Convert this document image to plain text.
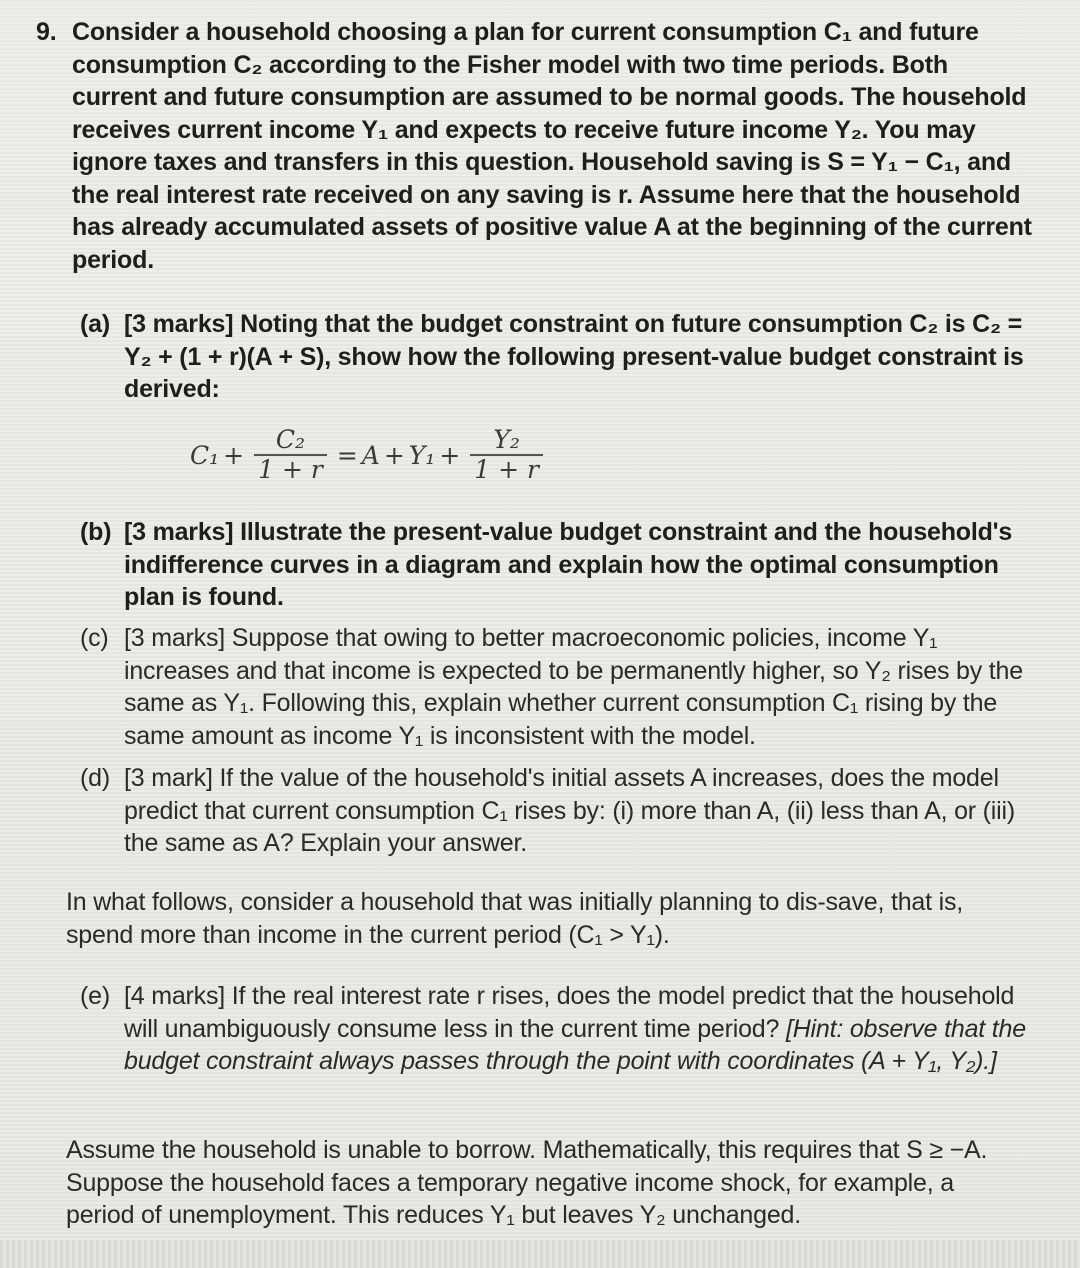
9. Consider a household choosing a plan for current consumption C₁ and future consumption C₂ according to the Fisher model with two time periods. Both current and future consumption are assumed to be normal goods. The household receives current income Y₁ and expects to receive future income Y₂. You may ignore taxes and transfers in this question. Household saving is S = Y₁ − C₁, and the real interest rate received on any saving is r. Assume here that the household has already accumulated assets of positive value A at the beginning of the current period.
(a) [3 marks] Noting that the budget constraint on future consumption C₂ is C₂ = Y₂ + (1 + r)(A + S), show how the following present-value budget constraint is derived:
$C_1 + \frac{\text{C₂}}{1 + r} = A + Y_1 + \frac{\text{Y₂}}{1 + r}$
(b) [3 marks] Illustrate the present-value budget constraint and the household's indifference curves in a diagram and explain how the optimal consumption plan is found.
(c) [3 marks] Suppose that owing to better macroeconomic policies, income Y₁ increases and that income is expected to be permanently higher, so Y₂ rises by the same as Y₁. Following this, explain whether current consumption C₁ rising by the same amount as income Y₁ is inconsistent with the model.
(d) [3 mark] If the value of the household's initial assets A increases, does the model predict that current consumption C₁ rises by: (i) more than A, (ii) less than A, or (iii) the same as A? Explain your answer.
In what follows, consider a household that was initially planning to dis-save, that is, spend more than income in the current period (C₁ > Y₁).
(e) [4 marks] If the real interest rate r rises, does the model predict that the household will unambiguously consume less in the current time period? [Hint: observe that the budget constraint always passes through the point with coordinates (A + Y₁, Y₂).]
Assume the household is unable to borrow. Mathematically, this requires that S ≥ −A. Suppose the household faces a temporary negative income shock, for example, a period of unemployment. This reduces Y₁ but leaves Y₂ unchanged.
